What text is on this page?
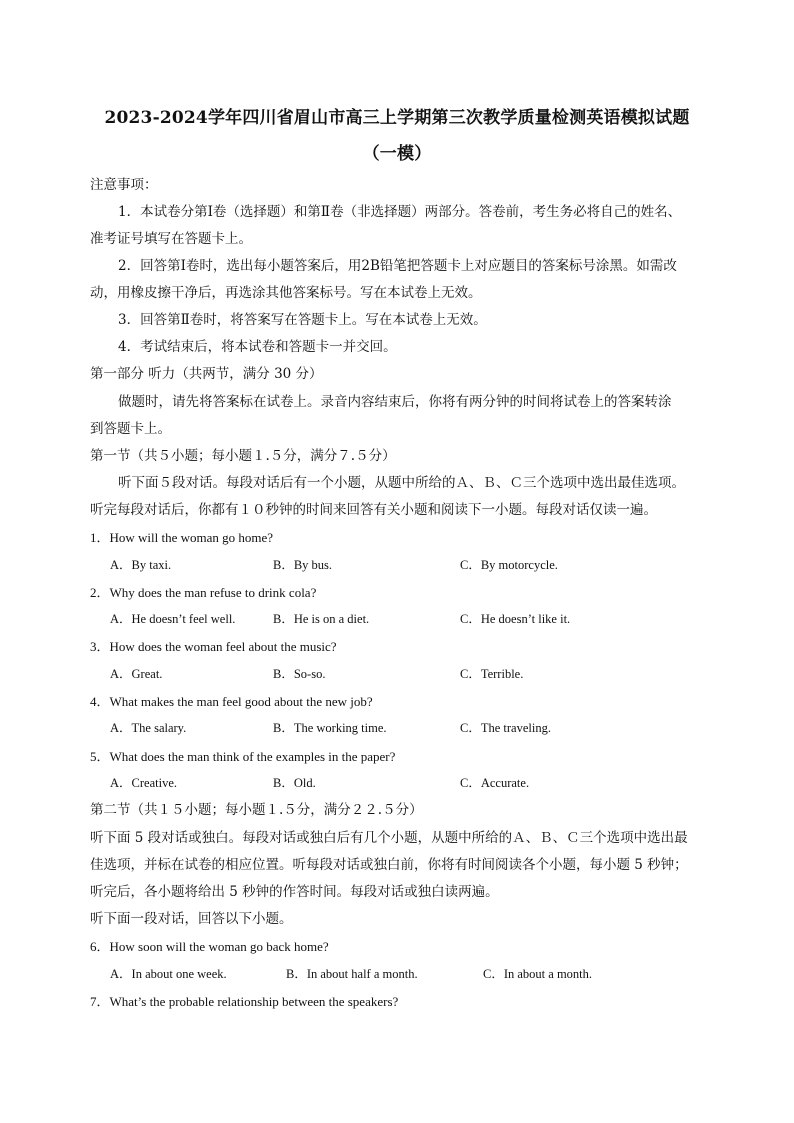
2023-2024学年四川省眉山市高三上学期第三次教学质量检测英语模拟试题
（一模）
注意事项：
1．本试卷分第Ⅰ卷（选择题）和第Ⅱ卷（非选择题）两部分。答卷前，考生务必将自己的姓名、
准考证号填写在答题卡上。
2．回答第Ⅰ卷时，选出每小题答案后，用2B铅笔把答题卡上对应题目的答案标号涂黑。如需改
动，用橡皮擦干净后，再选涂其他答案标号。写在本试卷上无效。
3．回答第Ⅱ卷时，将答案写在答题卡上。写在本试卷上无效。
4．考试结束后，将本试卷和答题卡一并交回。
第一部分 听力（共两节，满分 30 分）
做题时，请先将答案标在试卷上。录音内容结束后，你将有两分钟的时间将试卷上的答案转涂
到答题卡上。
第一节（共５小题；每小题１.５分，满分７.５分）
听下面５段对话。每段对话后有一个小题，从题中所给的Ａ、Ｂ、Ｃ三个选项中选出最佳选项。
听完每段对话后，你都有１０秒钟的时间来回答有关小题和阅读下一小题。每段对话仅读一遍。
1．How will the woman go home?
A．By taxi.	B．By bus.	C．By motorcycle.
2．Why does the man refuse to drink cola?
A．He doesn’t feel well.	B．He is on a diet.	C．He doesn’t like it.
3．How does the woman feel about the music?
A．Great.	B．So-so.	C．Terrible.
4．What makes the man feel good about the new job?
A．The salary.	B．The working time.	C．The traveling.
5．What does the man think of the examples in the paper?
A．Creative.	B．Old.	C．Accurate.
第二节（共１５小题；每小题１.５分，满分２２.５分）
听下面 5 段对话或独白。每段对话或独白后有几个小题，从题中所给的Ａ、Ｂ、Ｃ三个选项中选出最
佳选项，并标在试卷的相应位置。听每段对话或独白前，你将有时间阅读各个小题，每小题 5 秒钟；
听完后，各小题将给出 5 秒钟的作答时间。每段对话或独白读两遍。
听下面一段对话，回答以下小题。
6．How soon will the woman go back home?
A．In about one week.	B．In about half a month.	C．In about a month.
7．What’s the probable relationship between the speakers?
